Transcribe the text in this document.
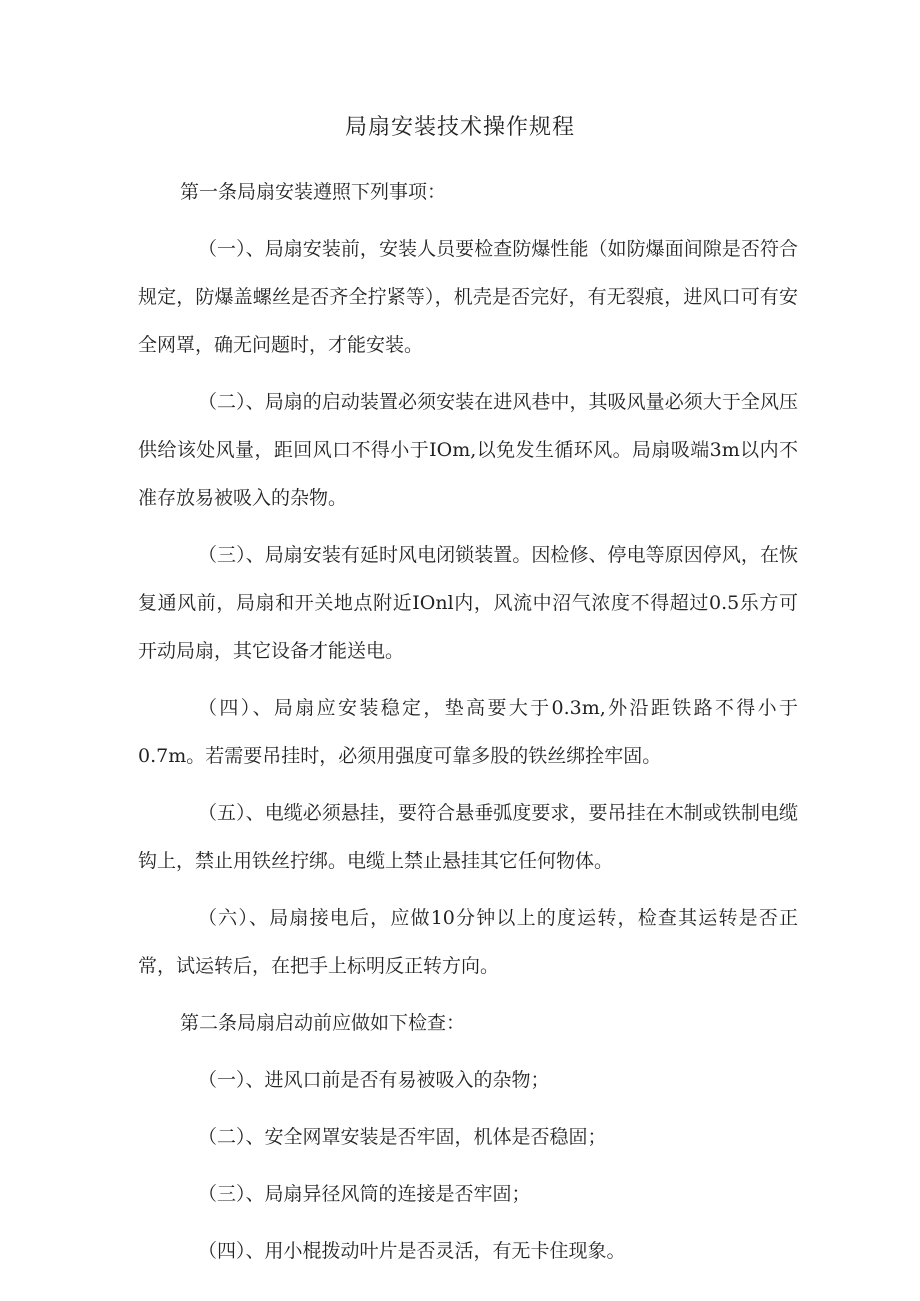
局扇安装技术操作规程

第一条局扇安装遵照下列事项：

（一）、局扇安装前，安装人员要检查防爆性能（如防爆面间隙是否符合规定，防爆盖螺丝是否齐全拧紧等），机壳是否完好，有无裂痕，进风口可有安全网罩，确无问题时，才能安装。

（二）、局扇的启动装置必须安装在进风巷中，其吸风量必须大于全风压供给该处风量，距回风口不得小于IOm,以免发生循环风。局扇吸端3m以内不准存放易被吸入的杂物。

（三）、局扇安装有延时风电闭锁装置。因检修、停电等原因停风，在恢复通风前，局扇和开关地点附近IOnl内，风流中沼气浓度不得超过0.5乐方可开动局扇，其它设备才能送电。

（四）、局扇应安装稳定，垫高要大于0.3m,外沿距铁路不得小于0.7m。若需要吊挂时，必须用强度可靠多股的铁丝绑拴牢固。

（五）、电缆必须悬挂，要符合悬垂弧度要求，要吊挂在木制或铁制电缆钩上，禁止用铁丝拧绑。电缆上禁止悬挂其它任何物体。

（六）、局扇接电后，应做10分钟以上的度运转，检查其运转是否正常，试运转后，在把手上标明反正转方向。

第二条局扇启动前应做如下检查：

（一）、进风口前是否有易被吸入的杂物；

（二）、安全网罩安装是否牢固，机体是否稳固；

（三）、局扇异径风筒的连接是否牢固；

（四）、用小棍拨动叶片是否灵活，有无卡住现象。
